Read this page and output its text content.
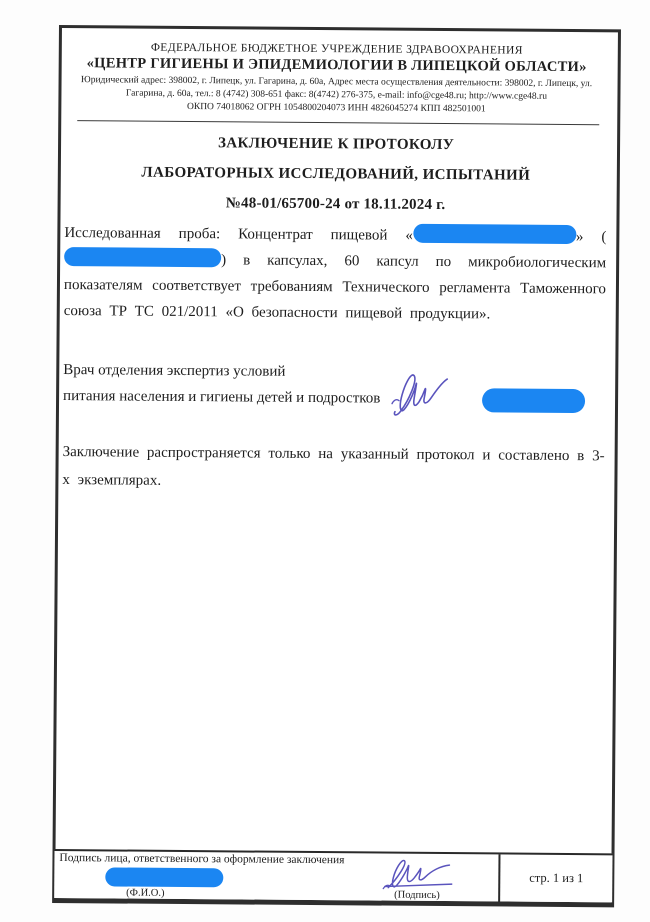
ФЕДЕРАЛЬНОЕ БЮДЖЕТНОЕ УЧРЕЖДЕНИЕ ЗДРАВООХРАНЕНИЯ
«ЦЕНТР ГИГИЕНЫ И ЭПИДЕМИОЛОГИИ В ЛИПЕЦКОЙ ОБЛАСТИ»
Юридический адрес: 398002, г. Липецк, ул. Гагарина, д. 60а, Адрес места осуществления деятельности: 398002, г. Липецк, ул. Гагарина, д. 60а, тел.: 8 (4742) 308-651 факс: 8(4742) 276-375, e-mail: info@cge48.ru; http://www.cge48.ru
ОКПО 74018062 ОГРН 1054800204073 ИНН 4826045274 КПП 482501001
ЗАКЛЮЧЕНИЕ К ПРОТОКОЛУ
ЛАБОРАТОРНЫХ ИССЛЕДОВАНИЙ, ИСПЫТАНИЙ
№48-01/65700-24 от 18.11.2024 г.
Исследованная проба: Концентрат пищевой «	» () в капсулах, 60 капсул по микробиологическим показателям соответствует требованиям Технического регламента Таможенного союза ТР ТС 021/2011 «О безопасности пищевой продукции».
Врач отделения экспертиз условий
питания населения и гигиены детей и подростков
Заключение распространяется только на указанный протокол и составлено в 3-х экземплярах.
Подпись лица, ответственного за оформление заключения
(Ф.И.О.)	(Подпись)
стр. 1 из 1
